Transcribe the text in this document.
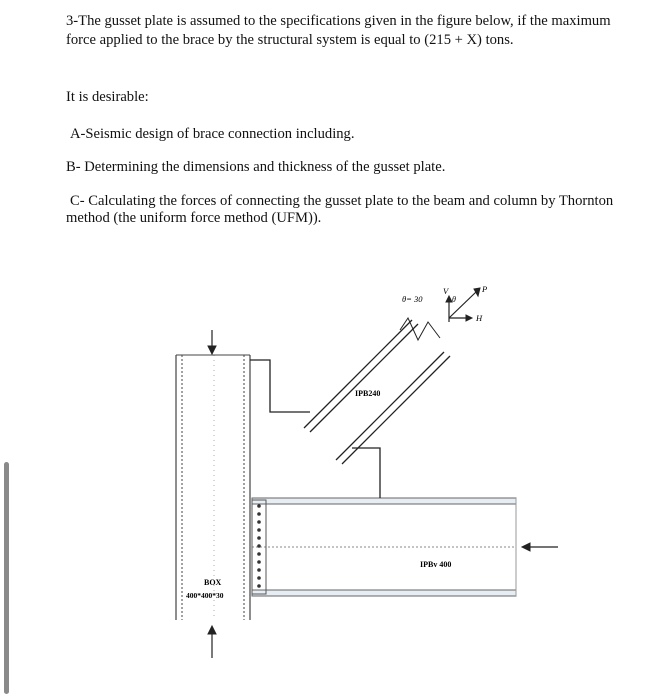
3-The gusset plate is assumed to the specifications given in the figure below, if the maximum

force applied to the brace by the structural system is equal to (215 + X) tons.

It is desirable:

A-Seismic design of brace connection including.

B- Determining the dimensions and thickness of the gusset plate.

C- Calculating the forces of connecting the gusset plate to the beam and column by Thornton

method (the uniform force method (UFM)).

θ= 30	θ
P
V
H
IPB240
IPBv 400
BOX
400*400*30
